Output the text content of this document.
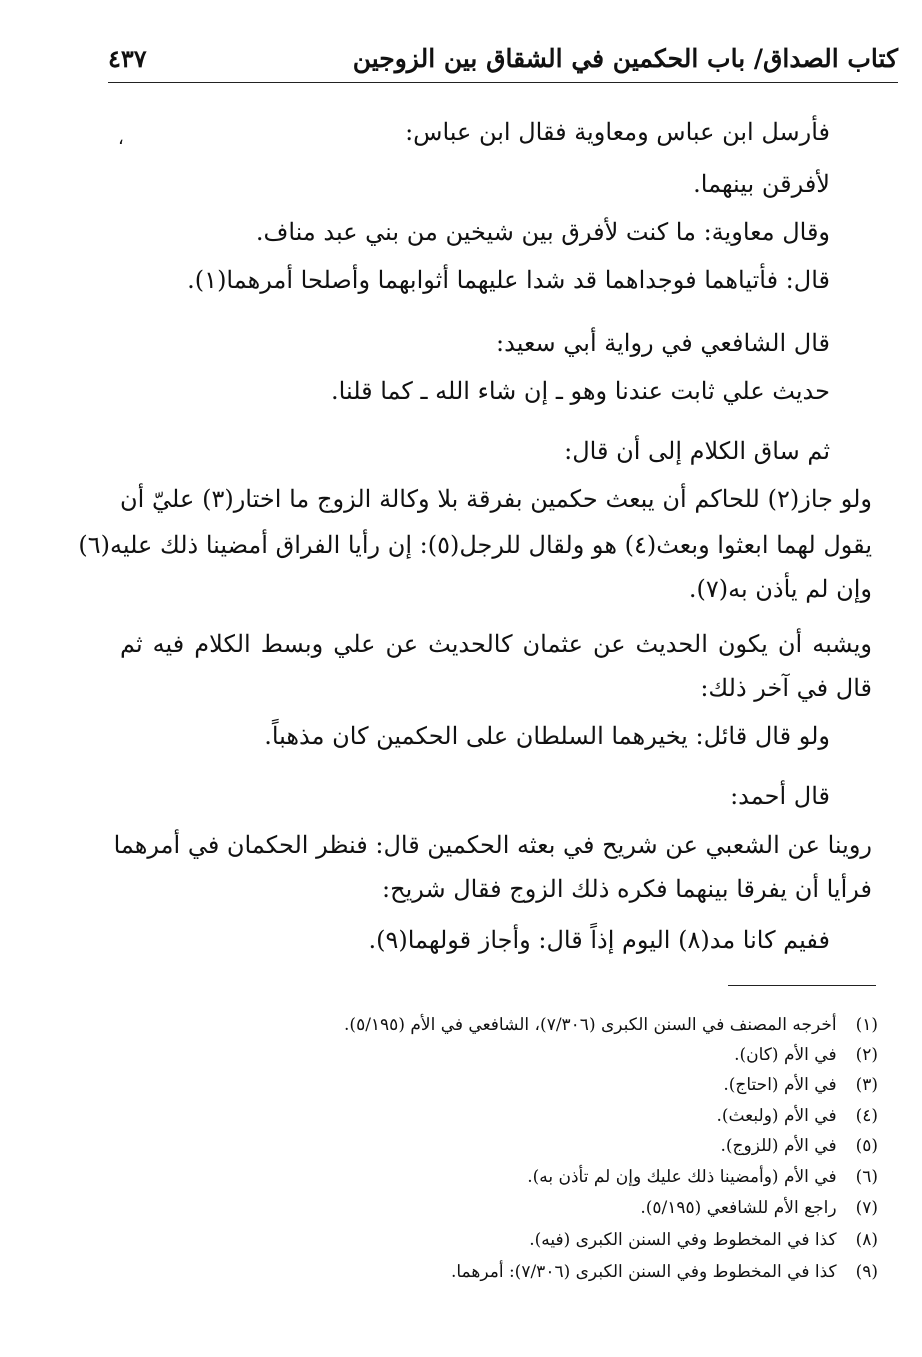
كتاب الصداق/ باب الحكمين في الشقاق بين الزوجين
٤٣٧
،	فأرسل ابن عباس ومعاوية فقال ابن عباس:
لأفرقن بينهما.
وقال معاوية: ما كنت لأفرق بين شيخين من بني عبد مناف.
قال: فأتياهما فوجداهما قد شدا عليهما أثوابهما وأصلحا أمرهما(١).
قال الشافعي في رواية أبي سعيد:
حديث علي ثابت عندنا وهو ـ إن شاء الله ـ كما قلنا.
ثم ساق الكلام إلى أن قال:
ولو جاز(٢) للحاكم أن يبعث حكمين بفرقة بلا وكالة الزوج ما اختار(٣) عليّ أن
يقول لهما ابعثوا وبعث(٤) هو ولقال للرجل(٥): إن رأيا الفراق أمضينا ذلك عليه(٦)
وإن لم يأذن به(٧).
ويشبه أن يكون الحديث عن عثمان كالحديث عن علي وبسط الكلام فيه ثم
قال في آخر ذلك:
ولو قال قائل: يخيرهما السلطان على الحكمين كان مذهباً.
قال أحمد:
روينا عن الشعبي عن شريح في بعثه الحكمين قال: فنظر الحكمان في أمرهما
فرأيا أن يفرقا بينهما فكره ذلك الزوج فقال شريح:
ففيم كانا مد(٨) اليوم إذاً قال: وأجاز قولهما(٩).
(١) أخرجه المصنف في السنن الكبرى (٧/٣٠٦)، الشافعي في الأم (٥/١٩٥).
(٢) في الأم (كان).
(٣) في الأم (احتاج).
(٤) في الأم (ولبعث).
(٥) في الأم (للزوج).
(٦) في الأم (وأمضينا ذلك عليك وإن لم تأذن به).
(٧) راجع الأم للشافعي (٥/١٩٥).
(٨) كذا في المخطوط وفي السنن الكبرى (فيه).
(٩) كذا في المخطوط وفي السنن الكبرى (٧/٣٠٦): أمرهما.
